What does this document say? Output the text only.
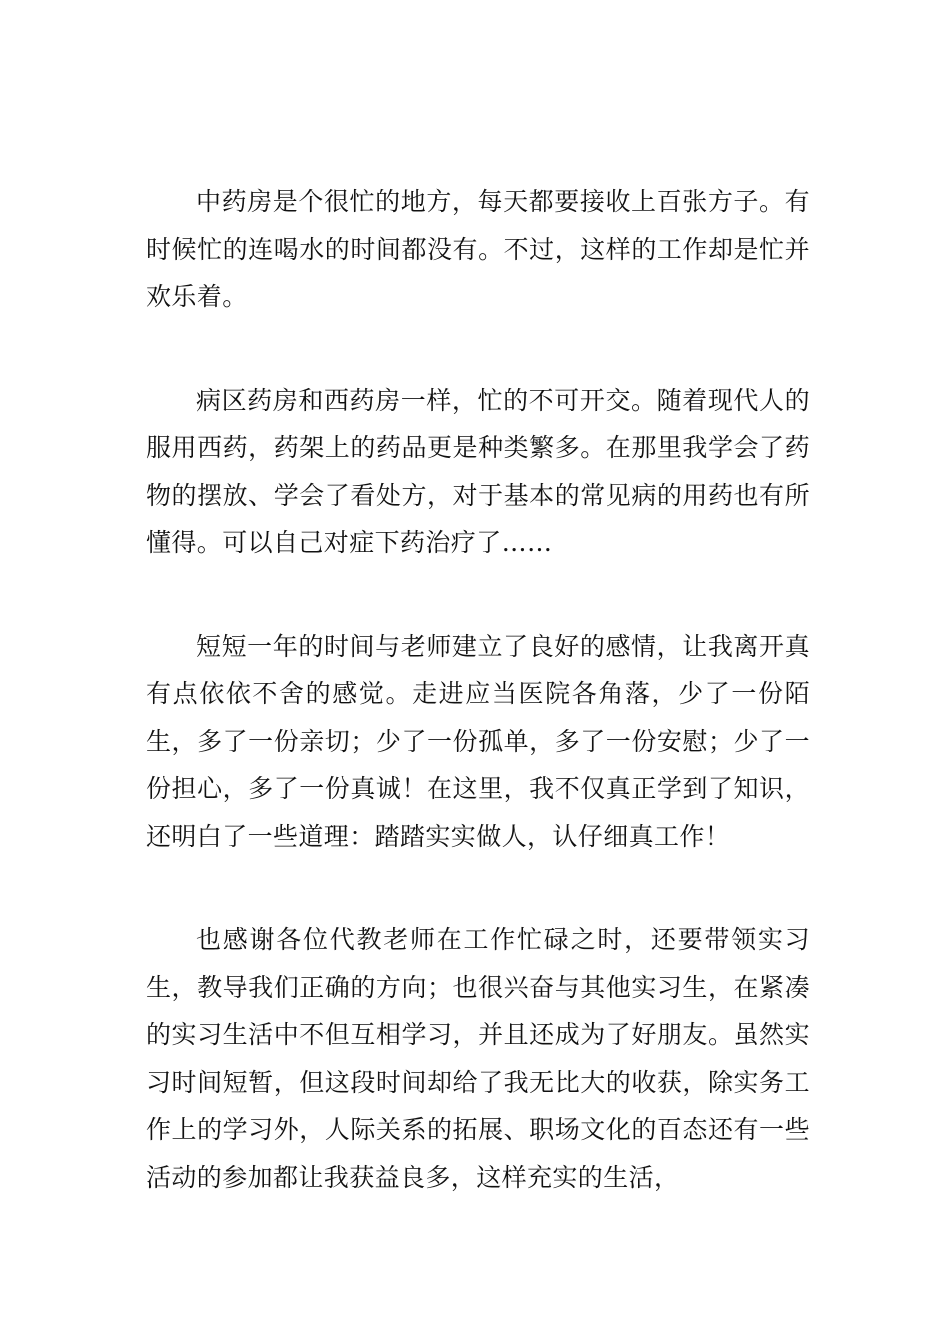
中药房是个很忙的地方，每天都要接收上百张方子。有时候忙的连喝水的时间都没有。不过，这样的工作却是忙并欢乐着。

病区药房和西药房一样，忙的不可开交。随着现代人的服用西药，药架上的药品更是种类繁多。在那里我学会了药物的摆放、学会了看处方，对于基本的常见病的用药也有所懂得。可以自己对症下药治疗了……

短短一年的时间与老师建立了良好的感情，让我离开真有点依依不舍的感觉。走进应当医院各角落，少了一份陌生，多了一份亲切；少了一份孤单，多了一份安慰；少了一份担心，多了一份真诚！在这里，我不仅真正学到了知识，还明白了一些道理：踏踏实实做人，认仔细真工作！

也感谢各位代教老师在工作忙碌之时，还要带领实习生，教导我们正确的方向；也很兴奋与其他实习生，在紧凑的实习生活中不但互相学习，并且还成为了好朋友。虽然实习时间短暂，但这段时间却给了我无比大的收获，除实务工作上的学习外，人际关系的拓展、职场文化的百态还有一些活动的参加都让我获益良多，这样充实的生活，
